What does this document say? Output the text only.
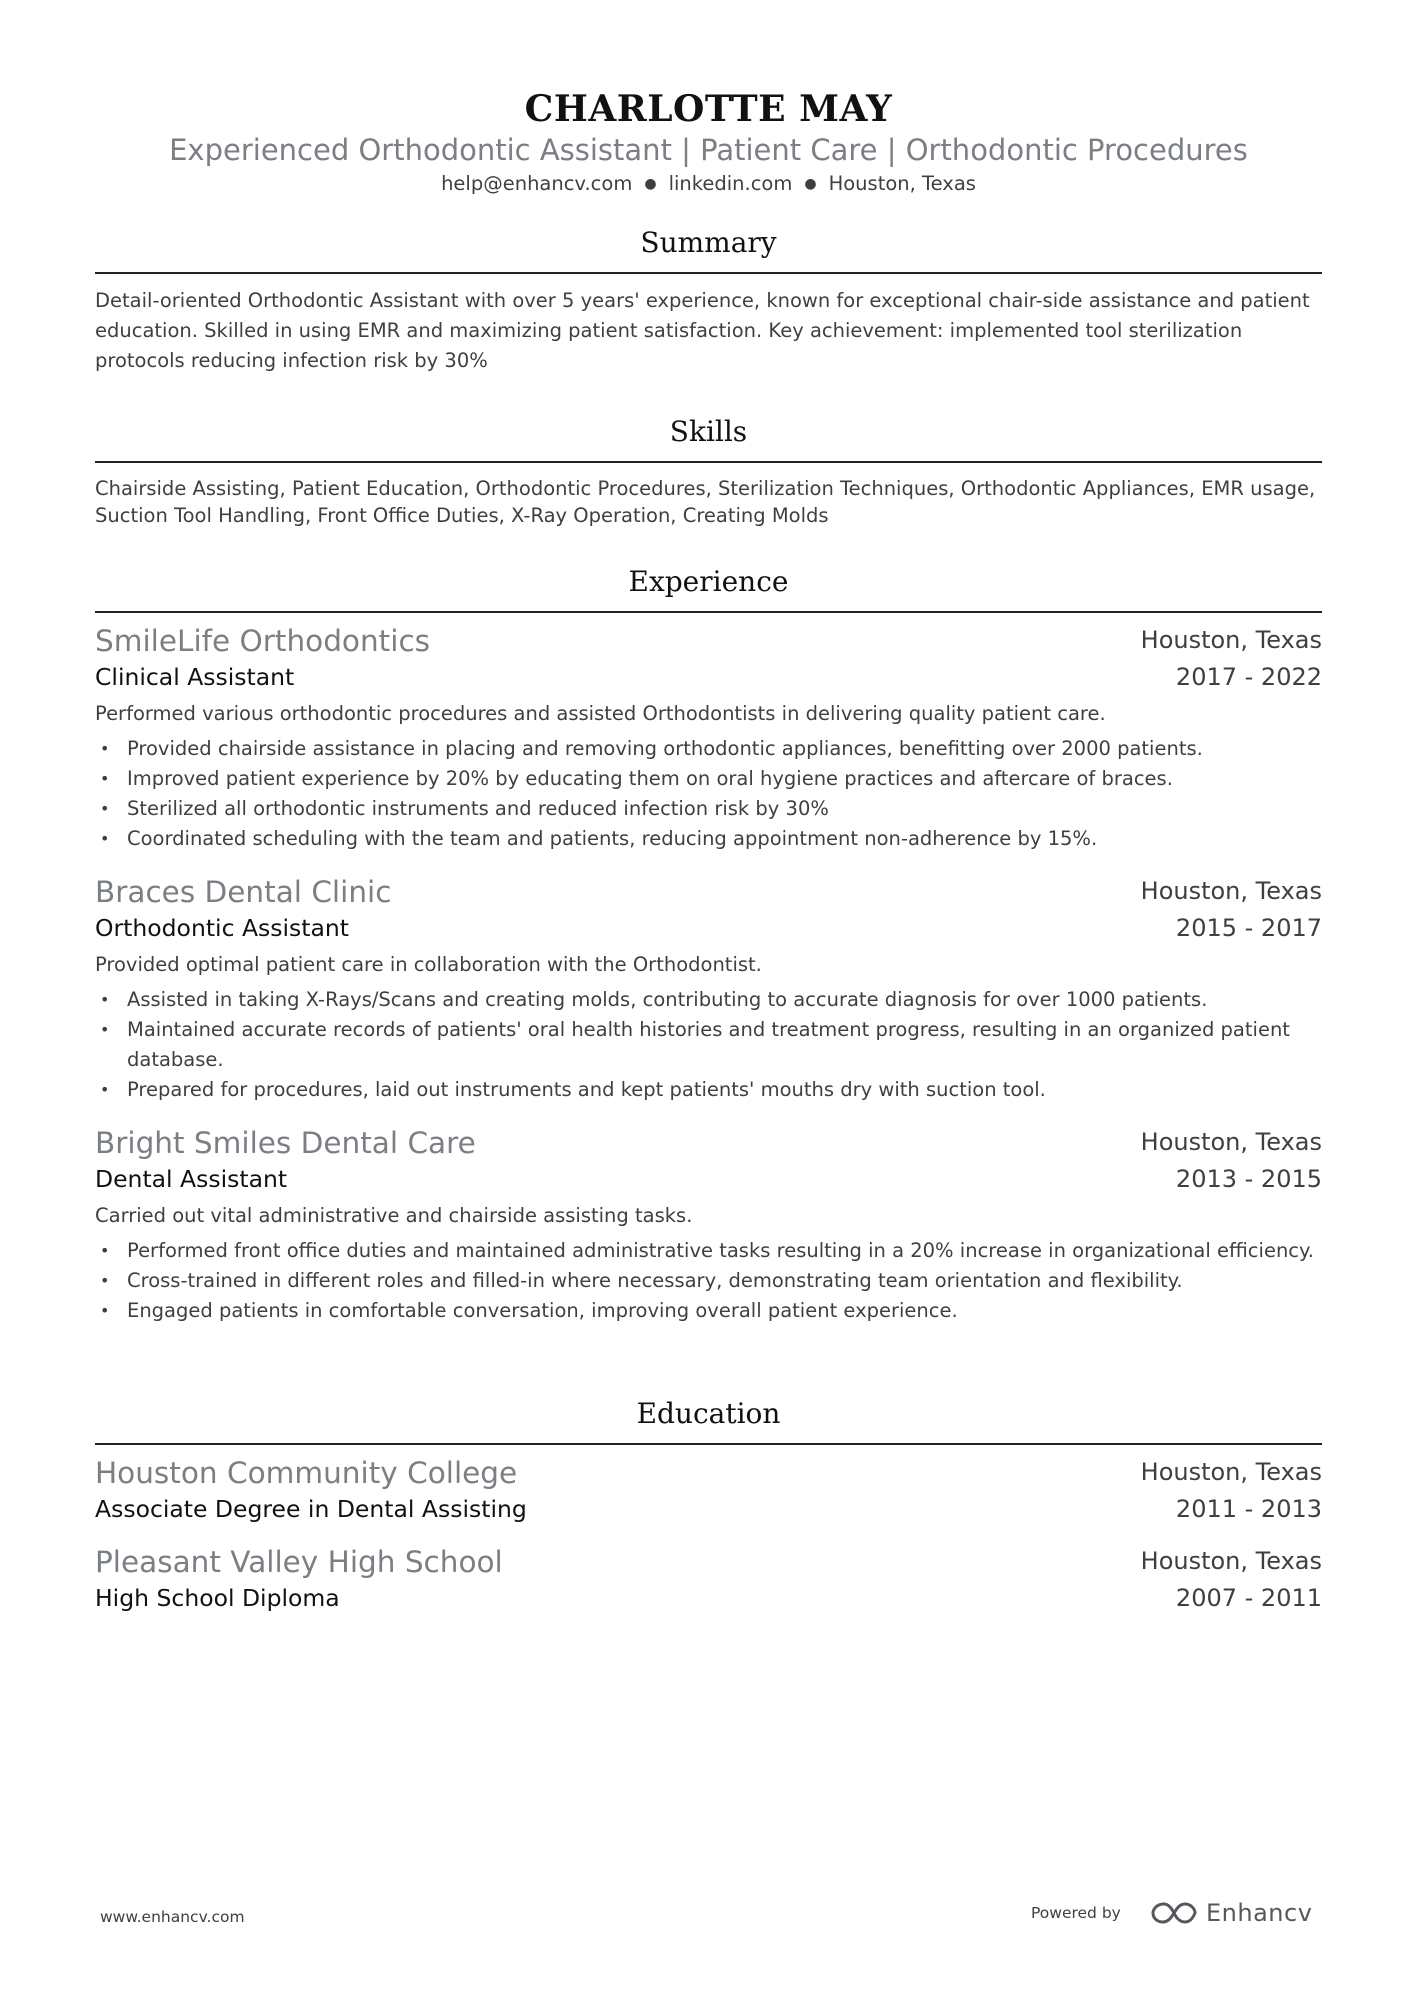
CHARLOTTE MAY
Experienced Orthodontic Assistant | Patient Care | Orthodontic Procedures
help@enhancv.com ● linkedin.com ● Houston, Texas
Summary
Detail-oriented Orthodontic Assistant with over 5 years' experience, known for exceptional chair-side assistance and patient education. Skilled in using EMR and maximizing patient satisfaction. Key achievement: implemented tool sterilization protocols reducing infection risk by 30%
Skills
Chairside Assisting, Patient Education, Orthodontic Procedures, Sterilization Techniques, Orthodontic Appliances, EMR usage, Suction Tool Handling, Front Office Duties, X-Ray Operation, Creating Molds
Experience
SmileLife Orthodontics	Houston, Texas
Clinical Assistant	2017 - 2022
Performed various orthodontic procedures and assisted Orthodontists in delivering quality patient care.
• Provided chairside assistance in placing and removing orthodontic appliances, benefitting over 2000 patients.
• Improved patient experience by 20% by educating them on oral hygiene practices and aftercare of braces.
• Sterilized all orthodontic instruments and reduced infection risk by 30%
• Coordinated scheduling with the team and patients, reducing appointment non-adherence by 15%.
Braces Dental Clinic	Houston, Texas
Orthodontic Assistant	2015 - 2017
Provided optimal patient care in collaboration with the Orthodontist.
• Assisted in taking X-Rays/Scans and creating molds, contributing to accurate diagnosis for over 1000 patients.
• Maintained accurate records of patients' oral health histories and treatment progress, resulting in an organized patient database.
• Prepared for procedures, laid out instruments and kept patients' mouths dry with suction tool.
Bright Smiles Dental Care	Houston, Texas
Dental Assistant	2013 - 2015
Carried out vital administrative and chairside assisting tasks.
• Performed front office duties and maintained administrative tasks resulting in a 20% increase in organizational efficiency.
• Cross-trained in different roles and filled-in where necessary, demonstrating team orientation and flexibility.
• Engaged patients in comfortable conversation, improving overall patient experience.
Education
Houston Community College	Houston, Texas
Associate Degree in Dental Assisting	2011 - 2013
Pleasant Valley High School	Houston, Texas
High School Diploma	2007 - 2011
www.enhancv.com	Powered by	Enhancv
